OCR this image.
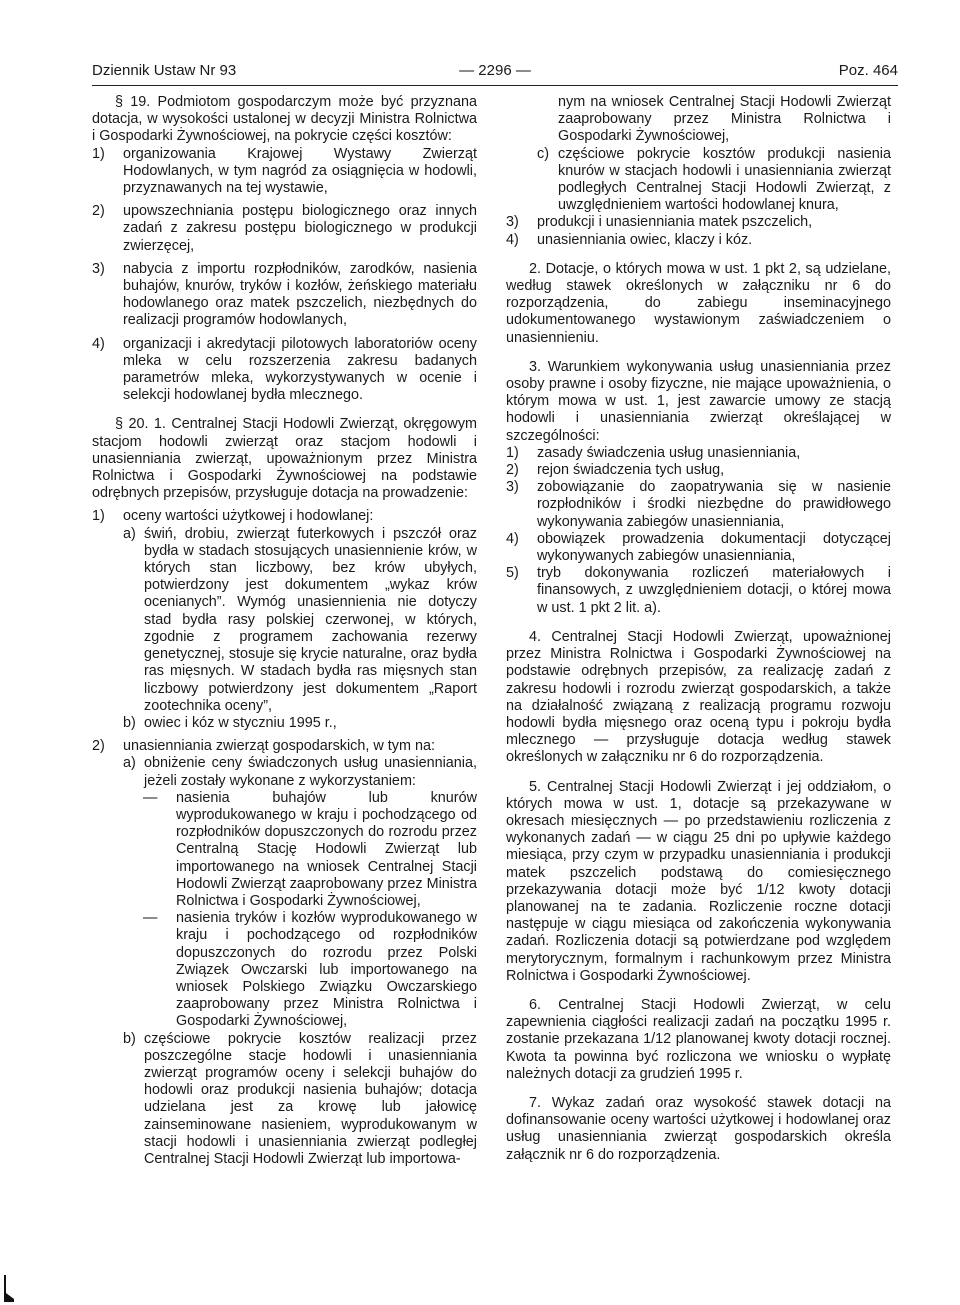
Dziennik Ustaw Nr 93	— 2296 —	Poz. 464

§ 19. Podmiotom gospodarczym może być przyznana dotacja, w wysokości ustalonej w decyzji Ministra Rolnictwa i Gospodarki Żywnościowej, na pokrycie części kosztów:

1) organizowania Krajowej Wystawy Zwierząt Hodowlanych, w tym nagród za osiągnięcia w hodowli, przyznawanych na tej wystawie,
2) upowszechniania postępu biologicznego oraz innych zadań z zakresu postępu biologicznego w produkcji zwierzęcej,
3) nabycia z importu rozpłodników, zarodków, nasienia buhajów, knurów, tryków i kozłów, żeńskiego materiału hodowlanego oraz matek pszczelich, niezbędnych do realizacji programów hodowlanych,
4) organizacji i akredytacji pilotowych laboratoriów oceny mleka w celu rozszerzenia zakresu badanych parametrów mleka, wykorzystywanych w ocenie i selekcji hodowlanej bydła mlecznego.

§ 20. 1. Centralnej Stacji Hodowli Zwierząt, okręgowym stacjom hodowli zwierząt oraz stacjom hodowli i unasienniania zwierząt, upoważnionym przez Ministra Rolnictwa i Gospodarki Żywnościowej na podstawie odrębnych przepisów, przysługuje dotacja na prowadzenie:

1) oceny wartości użytkowej i hodowlanej:
a) świń, drobiu, zwierząt futerkowych i pszczół oraz bydła w stadach stosujących unasiennienie krów, w których stan liczbowy, bez krów ubyłych, potwierdzony jest dokumentem „wykaz krów ocenianych”. Wymóg unasiennienia nie dotyczy stad bydła rasy polskiej czerwonej, w których, zgodnie z programem zachowania rezerwy genetycznej, stosuje się krycie naturalne, oraz bydła ras mięsnych. W stadach bydła ras mięsnych stan liczbowy potwierdzony jest dokumentem „Raport zootechnika oceny”,
b) owiec i kóz w styczniu 1995 r.,
2) unasienniania zwierząt gospodarskich, w tym na:
a) obniżenie ceny świadczonych usług unasienniania, jeżeli zostały wykonane z wykorzystaniem:
— nasienia buhajów lub knurów wyprodukowanego w kraju i pochodzącego od rozpłodników dopuszczonych do rozrodu przez Centralną Stację Hodowli Zwierząt lub importowanego na wniosek Centralnej Stacji Hodowli Zwierząt zaaprobowany przez Ministra Rolnictwa i Gospodarki Żywnościowej,
— nasienia tryków i kozłów wyprodukowanego w kraju i pochodzącego od rozpłodników dopuszczonych do rozrodu przez Polski Związek Owczarski lub importowanego na wniosek Polskiego Związku Owczarskiego zaaprobowany przez Ministra Rolnictwa i Gospodarki Żywnościowej,
b) częściowe pokrycie kosztów realizacji przez poszczególne stacje hodowli i unasienniania zwierząt programów oceny i selekcji buhajów do hodowli oraz produkcji nasienia buhajów; dotacja udzielana jest za krowę lub jałowicę zainseminowane nasieniem, wyprodukowanym w stacji hodowli i unasienniania zwierząt podległej Centralnej Stacji Hodowli Zwierząt lub importowa-
nym na wniosek Centralnej Stacji Hodowli Zwierząt zaaprobowany przez Ministra Rolnictwa i Gospodarki Żywnościowej,
c) częściowe pokrycie kosztów produkcji nasienia knurów w stacjach hodowli i unasienniania zwierząt podległych Centralnej Stacji Hodowli Zwierząt, z uwzględnieniem wartości hodowlanej knura,
3) produkcji i unasienniania matek pszczelich,
4) unasienniania owiec, klaczy i kóz.

2. Dotacje, o których mowa w ust. 1 pkt 2, są udzielane, według stawek określonych w załączniku nr 6 do rozporządzenia, do zabiegu inseminacyjnego udokumentowanego wystawionym zaświadczeniem o unasiennieniu.

3. Warunkiem wykonywania usług unasienniania przez osoby prawne i osoby fizyczne, nie mające upoważnienia, o którym mowa w ust. 1, jest zawarcie umowy ze stacją hodowli i unasienniania zwierząt określającej w szczególności:

1) zasady świadczenia usług unasienniania,
2) rejon świadczenia tych usług,
3) zobowiązanie do zaopatrywania się w nasienie rozpłodników i środki niezbędne do prawidłowego wykonywania zabiegów unasienniania,
4) obowiązek prowadzenia dokumentacji dotyczącej wykonywanych zabiegów unasienniania,
5) tryb dokonywania rozliczeń materiałowych i finansowych, z uwzględnieniem dotacji, o której mowa w ust. 1 pkt 2 lit. a).

4. Centralnej Stacji Hodowli Zwierząt, upoważnionej przez Ministra Rolnictwa i Gospodarki Żywnościowej na podstawie odrębnych przepisów, za realizację zadań z zakresu hodowli i rozrodu zwierząt gospodarskich, a także na działalność związaną z realizacją programu rozwoju hodowli bydła mięsnego oraz oceną typu i pokroju bydła mlecznego — przysługuje dotacja według stawek określonych w załączniku nr 6 do rozporządzenia.

5. Centralnej Stacji Hodowli Zwierząt i jej oddziałom, o których mowa w ust. 1, dotacje są przekazywane w okresach miesięcznych — po przedstawieniu rozliczenia z wykonanych zadań — w ciągu 25 dni po upływie każdego miesiąca, przy czym w przypadku unasienniania i produkcji matek pszczelich podstawą do comiesięcznego przekazywania dotacji może być 1/12 kwoty dotacji planowanej na te zadania. Rozliczenie roczne dotacji następuje w ciągu miesiąca od zakończenia wykonywania zadań. Rozliczenia dotacji są potwierdzane pod względem merytorycznym, formalnym i rachunkowym przez Ministra Rolnictwa i Gospodarki Żywnościowej.

6. Centralnej Stacji Hodowli Zwierząt, w celu zapewnienia ciągłości realizacji zadań na początku 1995 r. zostanie przekazana 1/12 planowanej kwoty dotacji rocznej. Kwota ta powinna być rozliczona we wniosku o wypłatę należnych dotacji za grudzień 1995 r.

7. Wykaz zadań oraz wysokość stawek dotacji na dofinansowanie oceny wartości użytkowej i hodowlanej oraz usług unasienniania zwierząt gospodarskich określa załącznik nr 6 do rozporządzenia.
